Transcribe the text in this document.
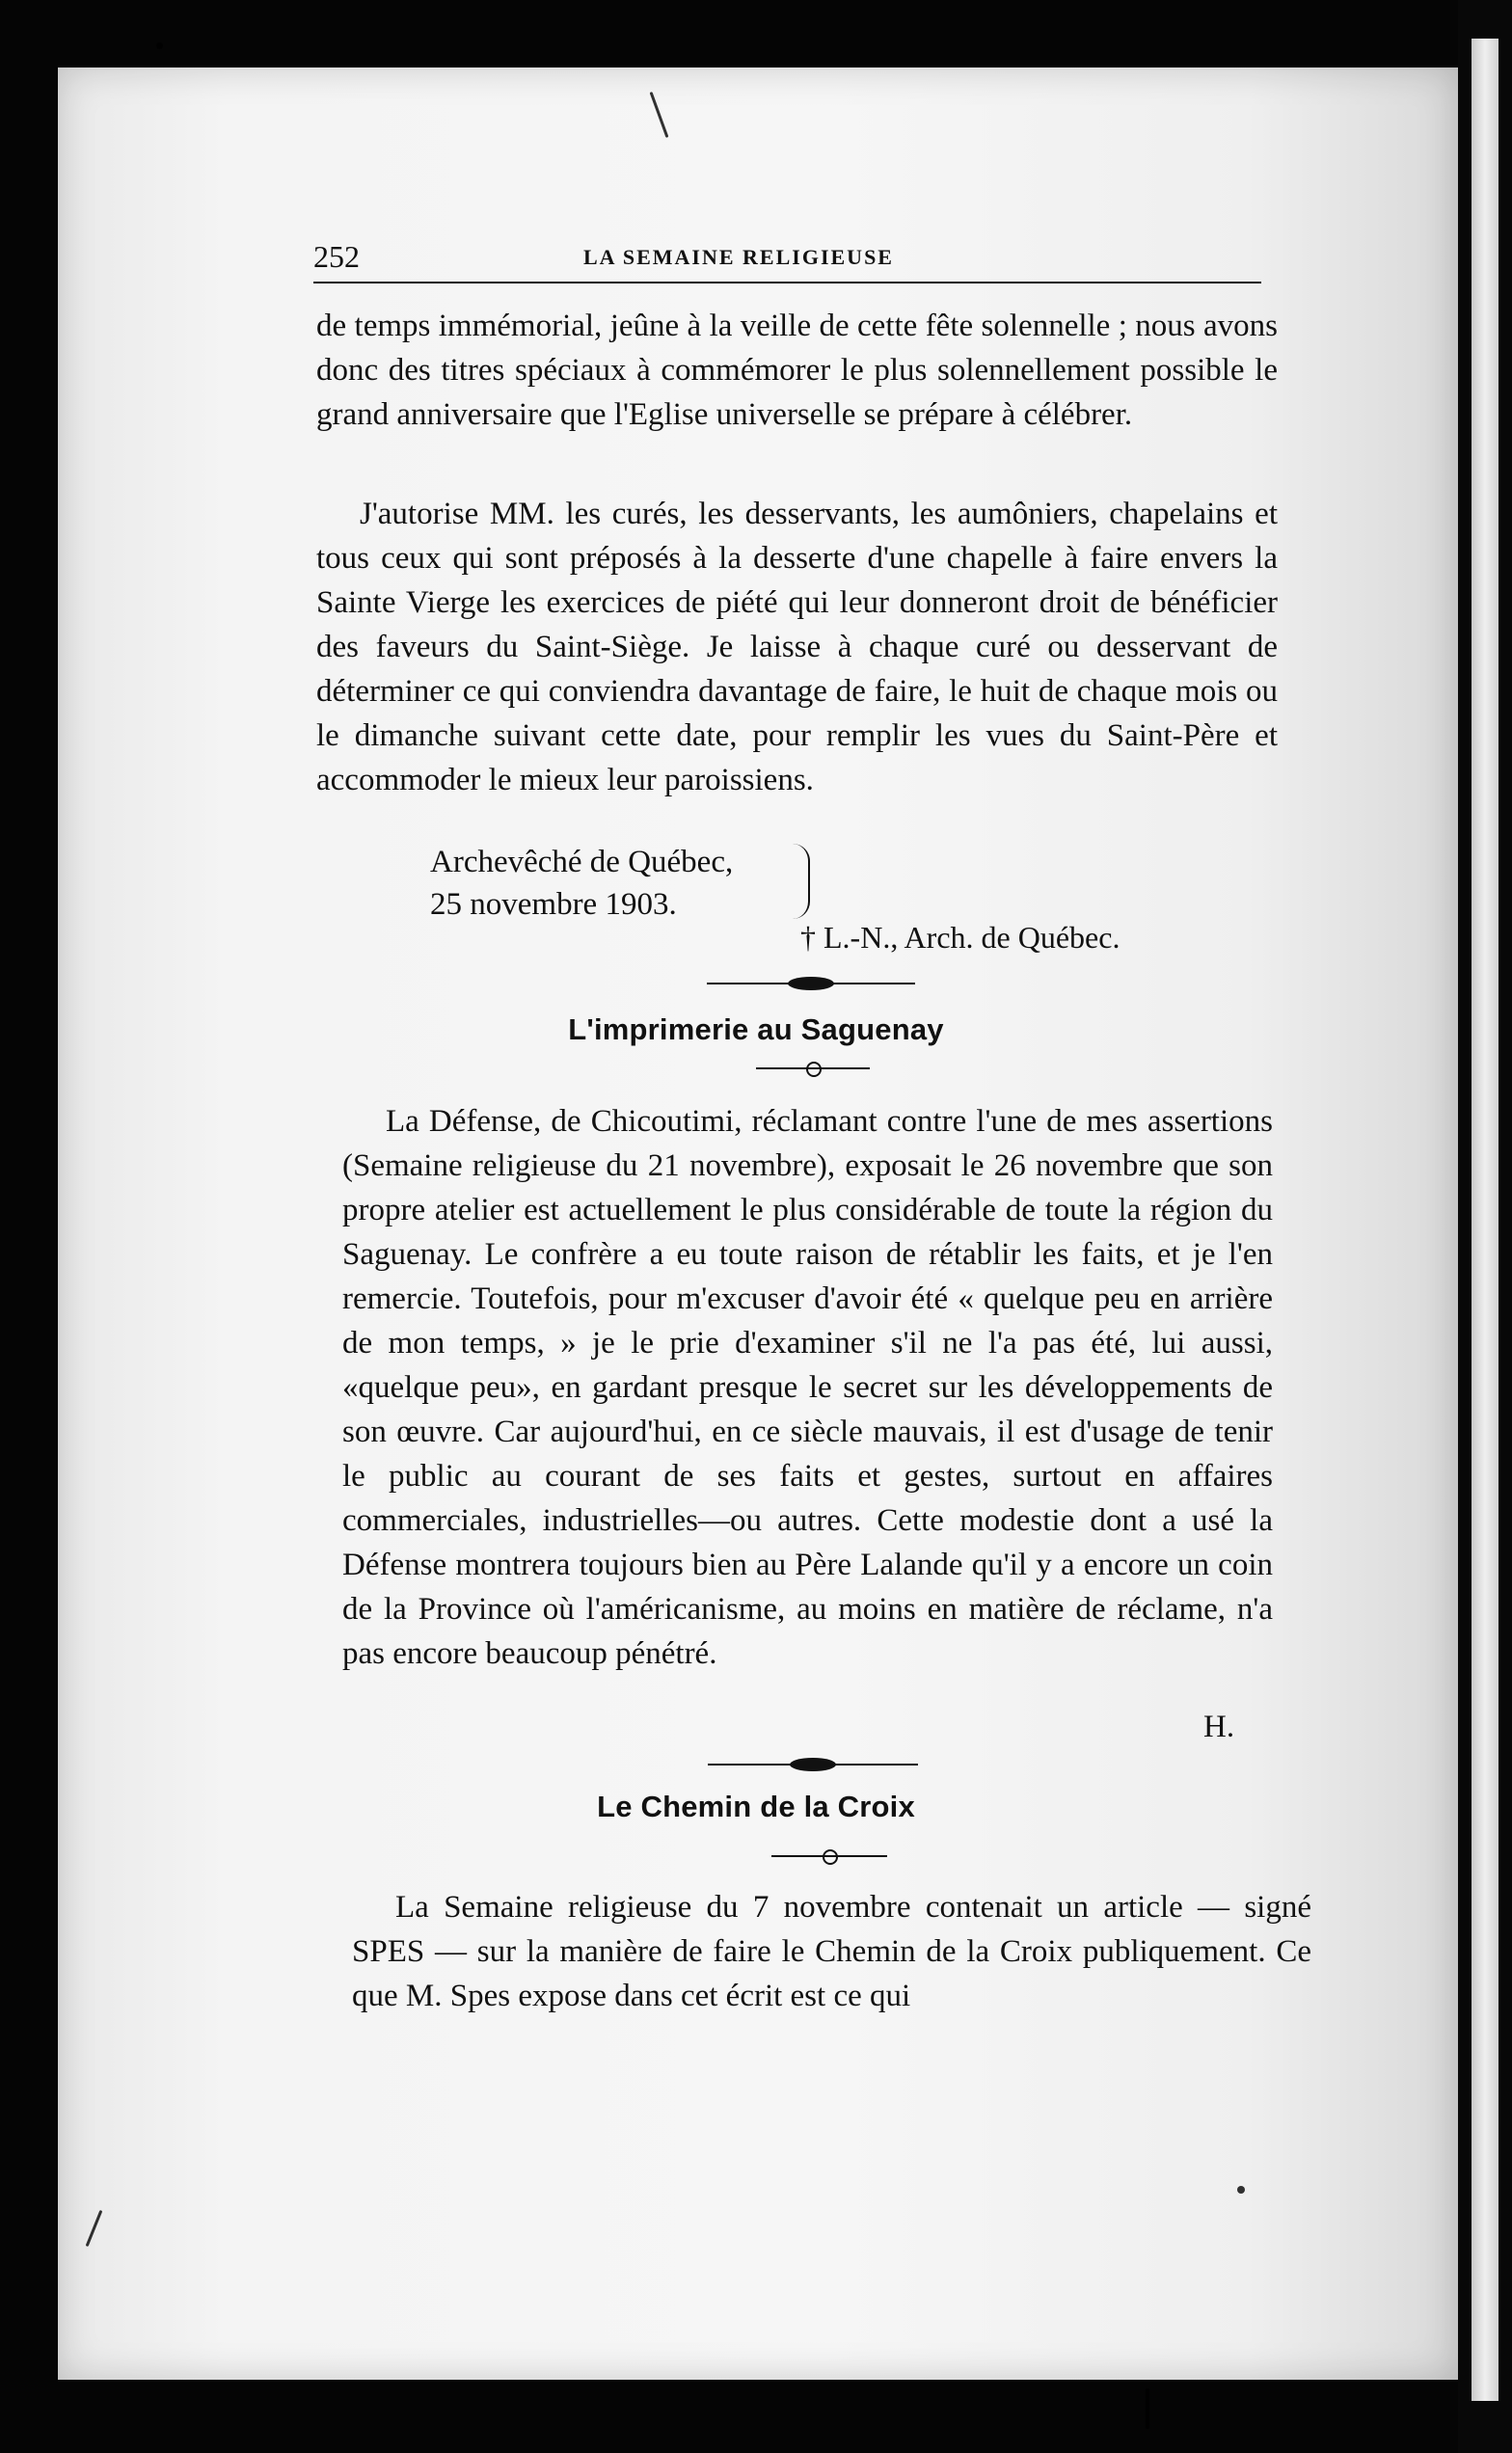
252	LA SEMAINE RELIGIEUSE
de temps immémorial, jeûne à la veille de cette fête solennelle ; nous avons donc des titres spéciaux à commémorer le plus solennellement possible le grand anniversaire que l'Eglise universelle se prépare à célébrer.
J'autorise MM. les curés, les desservants, les aumôniers, chapelains et tous ceux qui sont préposés à la desserte d'une chapelle à faire envers la Sainte Vierge les exercices de piété qui leur donneront droit de bénéficier des faveurs du Saint-Siège. Je laisse à chaque curé ou desservant de déterminer ce qui conviendra davantage de faire, le huit de chaque mois ou le dimanche suivant cette date, pour remplir les vues du Saint-Père et accommoder le mieux leur paroissiens.
Archevêché de Québec,
25 novembre 1903.
† L.-N., Arch. de Québec.
L'imprimerie au Saguenay
La Défense, de Chicoutimi, réclamant contre l'une de mes assertions (Semaine religieuse du 21 novembre), exposait le 26 novembre que son propre atelier est actuellement le plus considérable de toute la région du Saguenay. Le confrère a eu toute raison de rétablir les faits, et je l'en remercie. Toutefois, pour m'excuser d'avoir été « quelque peu en arrière de mon temps, » je le prie d'examiner s'il ne l'a pas été, lui aussi, «quelque peu», en gardant presque le secret sur les développements de son œuvre. Car aujourd'hui, en ce siècle mauvais, il est d'usage de tenir le public au courant de ses faits et gestes, surtout en affaires commerciales, industrielles—ou autres. Cette modestie dont a usé la Défense montrera toujours bien au Père Lalande qu'il y a encore un coin de la Province où l'américanisme, au moins en matière de réclame, n'a pas encore beaucoup pénétré.
H.
Le Chemin de la Croix
La Semaine religieuse du 7 novembre contenait un article — signé SPES — sur la manière de faire le Chemin de la Croix publiquement. Ce que M. Spes expose dans cet écrit est ce qui
